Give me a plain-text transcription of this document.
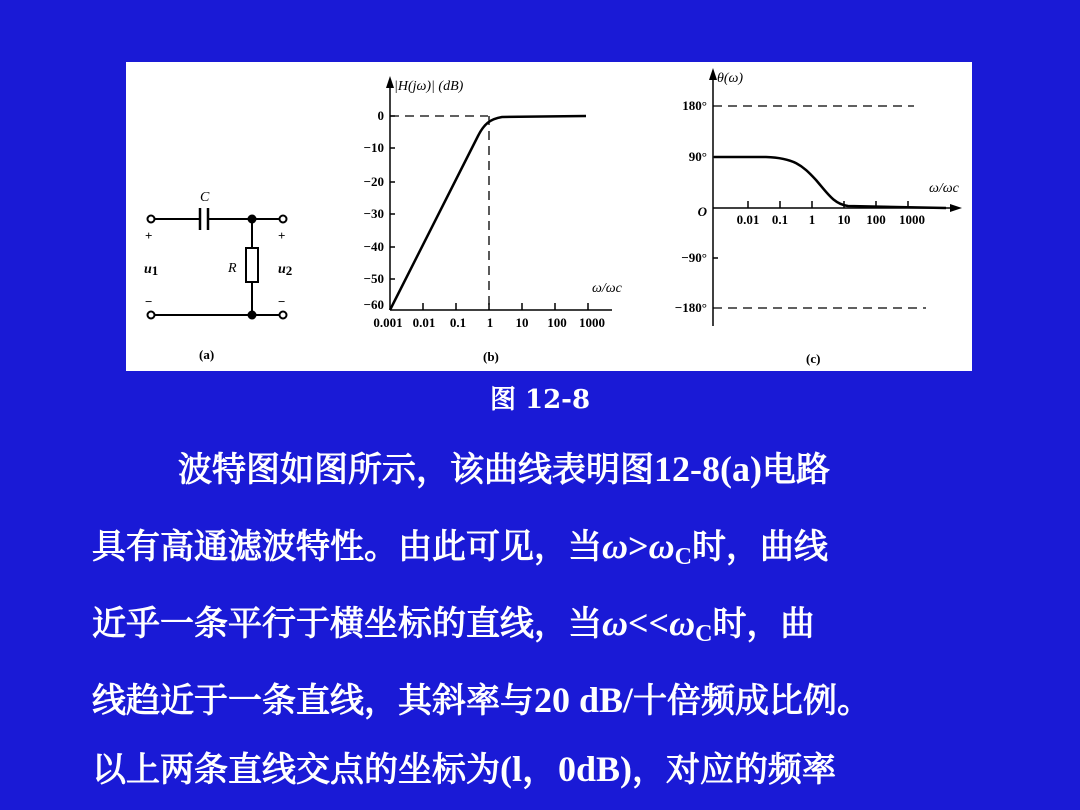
C
R
+	+
−	−
u1	u2
(a)
|H(jω)| (dB)
0
−10
−20
−30
−40
−50
−60
0.001 0.01 0.1 1 10 100 1000
ω/ωc
(b)
θ(ω)
180°
90°
O
−90°
−180°
0.01 0.1 1 10 100 1000
ω/ωc
(c)
图 12-8
波特图如图所示，该曲线表明图12-8(a)电路
具有高通滤波特性。由此可见，当$\omega>\omega_C$时，曲线
近乎一条平行于横坐标的直线，当$\omega<<\omega_C$时，曲
线趋近于一条直线，其斜率与20 dB/十倍频成比例。
以上两条直线交点的坐标为(l，0dB)，对应的频率
